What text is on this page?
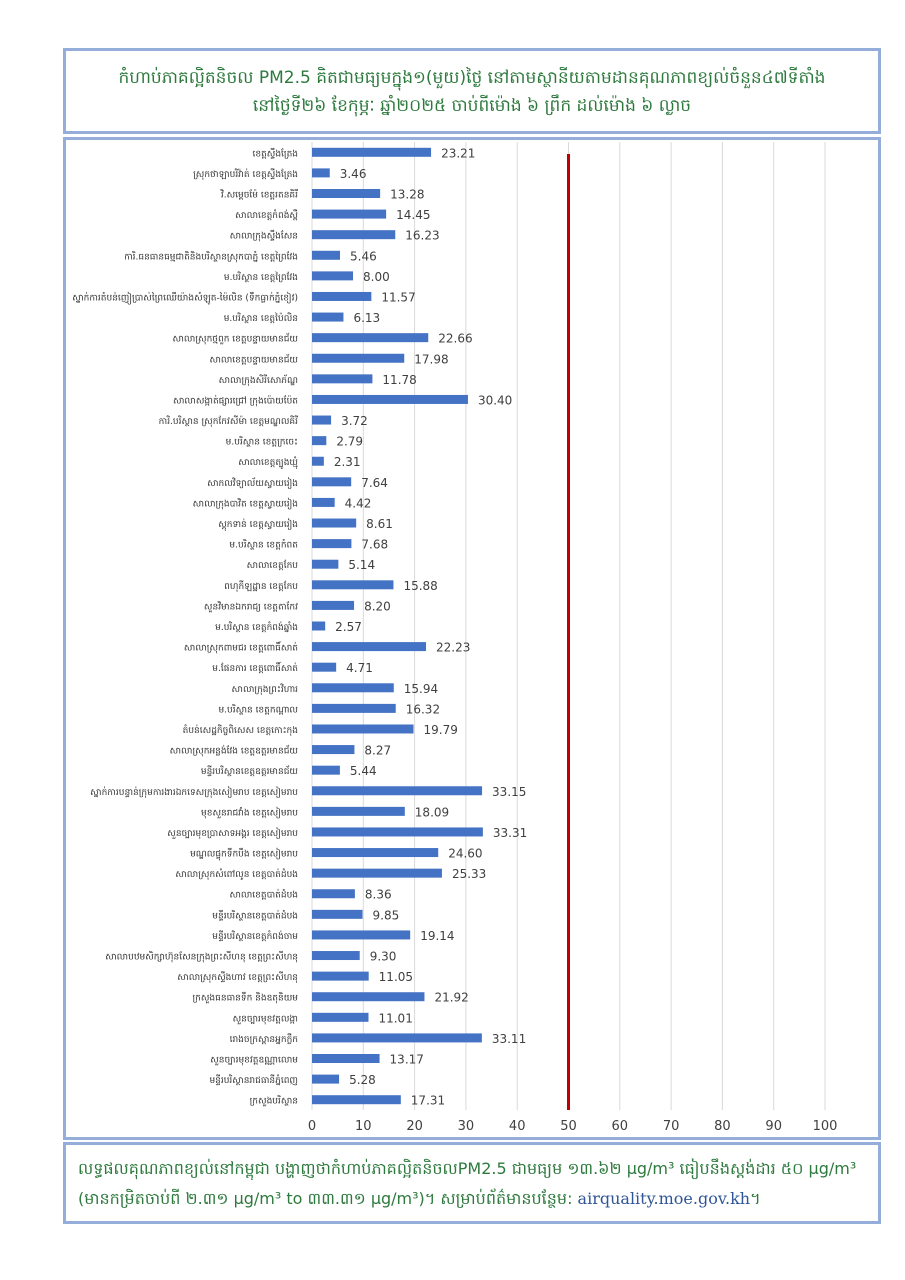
កំហាប់ភាគល្អិតនិចល PM2.5 គិតជាមធ្យមក្នុង១(មួយ)ថ្ងៃ នៅតាមស្ថានីយតាមដានគុណភាពខ្យល់ចំនួន៤៧ទីតាំង
នៅថ្ងៃទី២៦ ខែកុម្ភៈ ឆ្នាំ២០២៥ ចាប់ពីម៉ោង ៦ ព្រឹក ដល់ម៉ោង ៦ ល្ងាច
0	10	20	30	40	50	60	70	80	90 100
ខេត្តស្ទឹងត្រែង	23.21
ស្រុកថាឡាបរិវ៉ាត់ ខេត្តស្ទឹងត្រែង	3.46
វិ.សម្ដេចម៉ែ ខេត្តរតនគិរី	13.28
សាលាខេត្តកំពង់ស្ពឺ	14.45
សាលាក្រុងស្ទឹងសែន	16.23
ការិ.ធនធានធម្មជាតិនិងបរិស្ថានស្រុកបាភ្នំ ខេត្តព្រៃវែង	5.46
ម.បរិស្ថាន ខេត្តព្រៃវែង	8.00
ស្នាក់ការតំបន់ញៀប្រាស់ព្រៃឈើយ៉ាងសំឡូត-ម៉ៃលិន (ទឹកធ្លាក់ភ្នំខៀវ)	11.57
ម.បរិស្ថាន ខេត្តប៉ៃលិន	6.13
សាលាស្រុកថ្មពួក ខេត្តបន្ទាយមានជ័យ	22.66
សាលាខេត្តបន្ទាយមានជ័យ	17.98
សាលាក្រុងសិរីសោភ័ណ្ឌ	11.78
សាលាសង្កាត់ផ្សារជ្រៅ ក្រុងប៉ោយប៉ែត	30.40
ការិ.បរិស្ថាន ស្រុកកែវសីម៉ា ខេត្តមណ្ឌលគិរី	3.72
ម.បរិស្ថាន ខេត្តក្រចេះ	2.79
សាលាខេត្តត្បូងឃ្មុំ	2.31
សាកលវិទ្យាល័យស្វាយរៀង	7.64
សាលាក្រុងបាវិត ខេត្តស្វាយរៀង	4.42
ស្តុកទាន់ ខេត្តស្វាយរៀង	8.61
ម.បរិស្ថាន ខេត្តកំពត	7.68
សាលាខេត្តកែប	5.14
ពហុកីឡដ្ឋាន ខេត្តកែប	15.88
សួនវិមានឯករាជ្យ ខេត្តតាកែវ	8.20
ម.បរិស្ថាន ខេត្តកំពង់ឆ្នាំង	2.57
សាលាស្រុកពាមជរ ខេត្តពោធិ៍សាត់	22.23
ម.ផែនការ ខេត្តពោធិ៍សាត់	4.71
សាលាក្រុងព្រះវិហារ	15.94
ម.បរិស្ថាន ខេត្តកណ្ដាល	16.32
តំបន់សេដ្ឋកិច្ចពិសេស ខេត្តកោះកុង	19.79
សាលាស្រុកអន្លង់វែង ខេត្តឧត្ដរមានជ័យ	8.27
មន្ទីរបរិស្ថានខេត្តឧត្ដរមានជ័យ	5.44
ស្នាក់ការបន្ទាន់ក្រុមការងារឯកទេសក្រុងសៀមរាប ខេត្តសៀមរាប	33.15
មុខសួនរាជវាំង ខេត្តសៀមរាប	18.09
សួនច្បារមុខប្រាសាទអង្គរ ខេត្តសៀមរាប	33.31
មណ្ឌលផ្ទុកទឹកបឹង ខេត្តសៀមរាប	24.60
សាលាស្រុកសំពៅលូន ខេត្តបាត់ដំបង	25.33
សាលាខេត្តបាត់ដំបង	8.36
មន្ទីរបរិស្ថានខេត្តបាត់ដំបង	9.85
មន្ទីរបរិស្ថានខេត្តកំពង់ចាម	19.14
សាលាបឋមសិក្សាហ៊ុនសែនក្រុងព្រះសីហនុ ខេត្តព្រះសីហនុ	9.30
សាលាស្រុកស្ទឹងហាវ ខេត្តព្រះសីហនុ	11.05
ក្រសួងធនធានទឹក និងឧតុនិយម	21.92
សួនច្បារមុខវត្តលង្កា	11.01
រោងចក្រស្ពានអ្នកក្លឹក	33.11
សួនច្បារមុខវត្តឧណ្ណាលោម	13.17
មន្ទីរបរិស្ថានរាជធានីភ្នំពេញ	5.28
ក្រសួងបរិស្ថាន	17.31
លទ្ធផលគុណភាពខ្យល់នៅកម្ពុជា បង្ហាញថាកំហាប់ភាគល្អិតនិចលPM2.5 ជាមធ្យម ១៣.៦២ µg/m³ ធៀបនឹងស្តង់ដារ ៥០ µg/m³
(មានកម្រិតចាប់ពី ២.៣១ µg/m³ to ៣៣.៣១ µg/m³)។ សម្រាប់ព័ត៌មានបន្ថែម: airquality.moe.gov.kh។
